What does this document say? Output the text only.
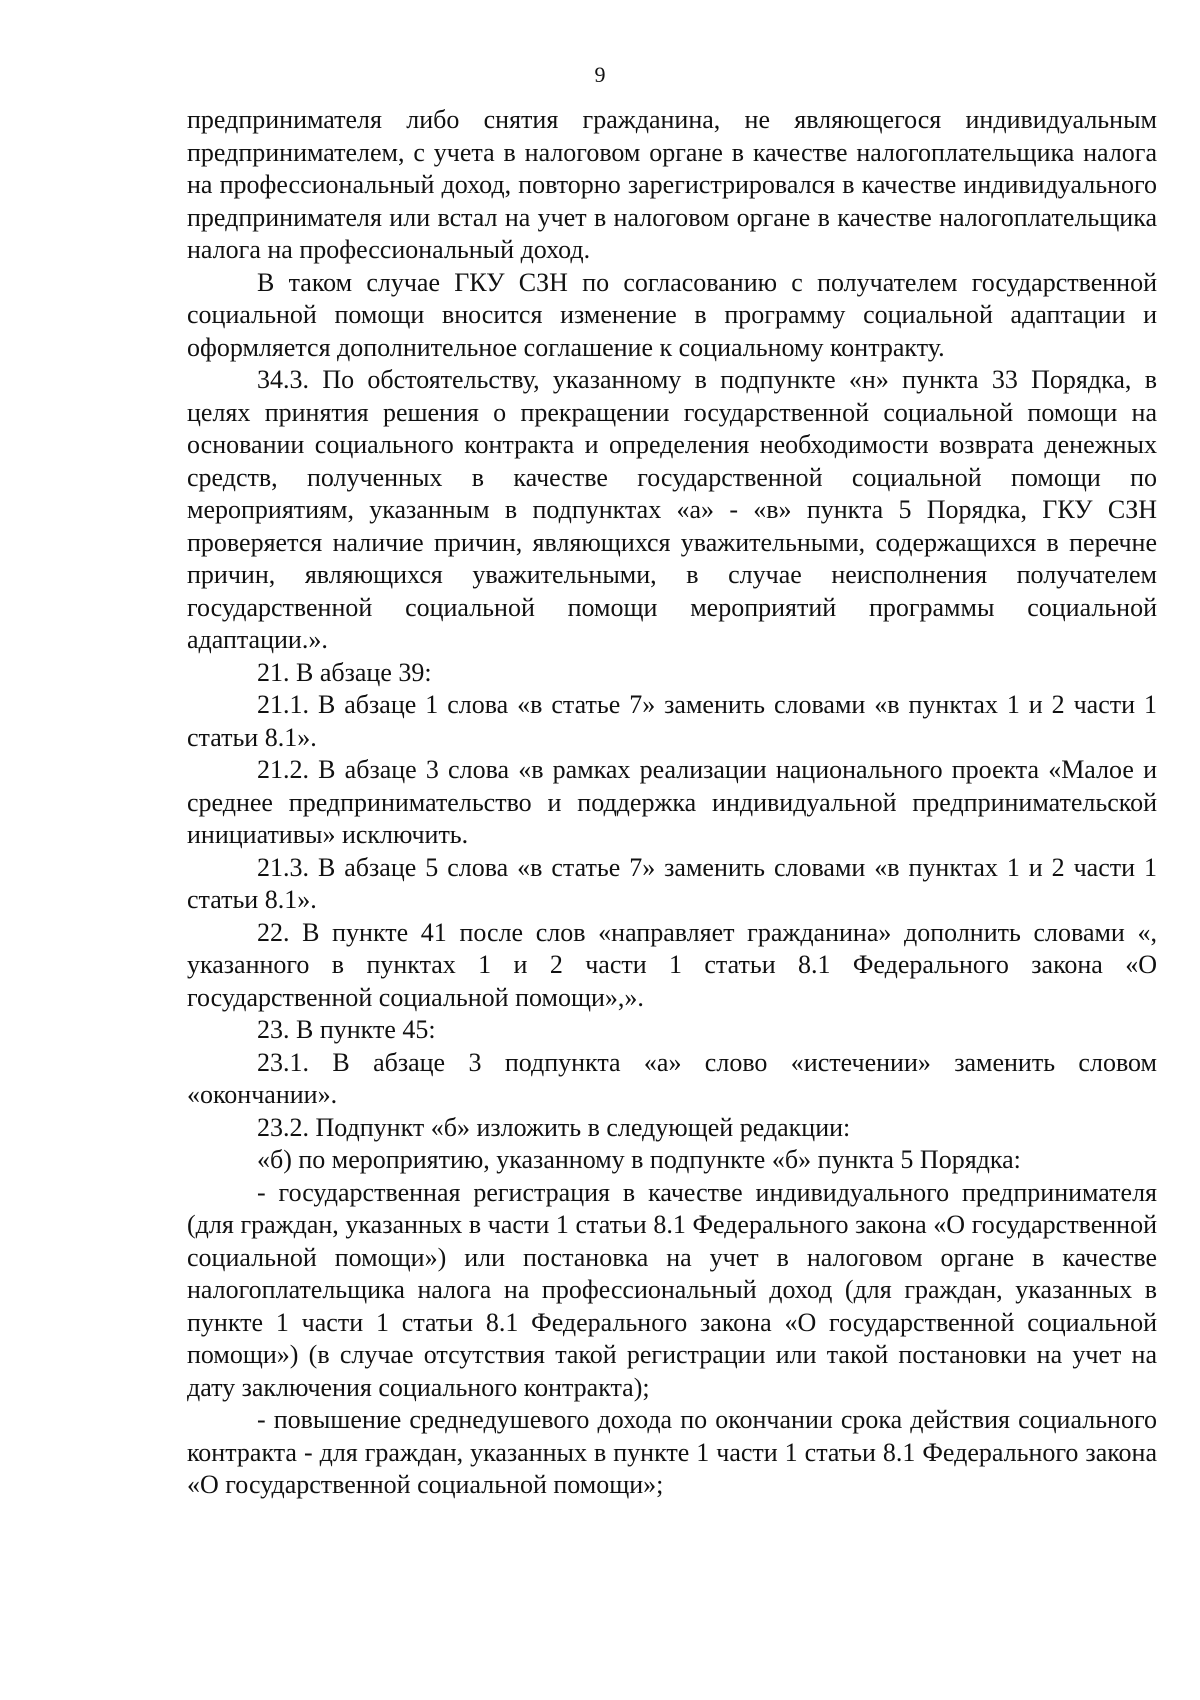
9

предпринимателя либо снятия гражданина, не являющегося индивидуальным предпринимателем, с учета в налоговом органе в качестве налогоплательщика налога на профессиональный доход, повторно зарегистрировался в качестве индивидуального предпринимателя или встал на учет в налоговом органе в качестве налогоплательщика налога на профессиональный доход.

В таком случае ГКУ СЗН по согласованию с получателем государственной социальной помощи вносится изменение в программу социальной адаптации и оформляется дополнительное соглашение к социальному контракту.

34.3. По обстоятельству, указанному в подпункте «н» пункта 33 Порядка, в целях принятия решения о прекращении государственной социальной помощи на основании социального контракта и определения необходимости возврата денежных средств, полученных в качестве государственной социальной помощи по мероприятиям, указанным в подпунктах «а» - «в» пункта 5 Порядка, ГКУ СЗН проверяется наличие причин, являющихся уважительными, содержащихся в перечне причин, являющихся уважительными, в случае неисполнения получателем государственной социальной помощи мероприятий программы социальной адаптации.».

21. В абзаце 39:

21.1. В абзаце 1 слова «в статье 7» заменить словами «в пунктах 1 и 2 части 1 статьи 8.1».

21.2. В абзаце 3 слова «в рамках реализации национального проекта «Малое и среднее предпринимательство и поддержка индивидуальной предпринимательской инициативы» исключить.

21.3. В абзаце 5 слова «в статье 7» заменить словами «в пунктах 1 и 2 части 1 статьи 8.1».

22. В пункте 41 после слов «направляет гражданина» дополнить словами «, указанного в пунктах 1 и 2 части 1 статьи 8.1 Федерального закона «О государственной социальной помощи»,».

23. В пункте 45:

23.1. В абзаце 3 подпункта «а» слово «истечении» заменить словом «окончании».

23.2. Подпункт «б» изложить в следующей редакции:

«б) по мероприятию, указанному в подпункте «б» пункта 5 Порядка:

- государственная регистрация в качестве индивидуального предпринимателя (для граждан, указанных в части 1 статьи 8.1 Федерального закона «О государственной социальной помощи») или постановка на учет в налоговом органе в качестве налогоплательщика налога на профессиональный доход (для граждан, указанных в пункте 1 части 1 статьи 8.1 Федерального закона «О государственной социальной помощи») (в случае отсутствия такой регистрации или такой постановки на учет на дату заключения социального контракта);

- повышение среднедушевого дохода по окончании срока действия социального контракта - для граждан, указанных в пункте 1 части 1 статьи 8.1 Федерального закона «О государственной социальной помощи»;
